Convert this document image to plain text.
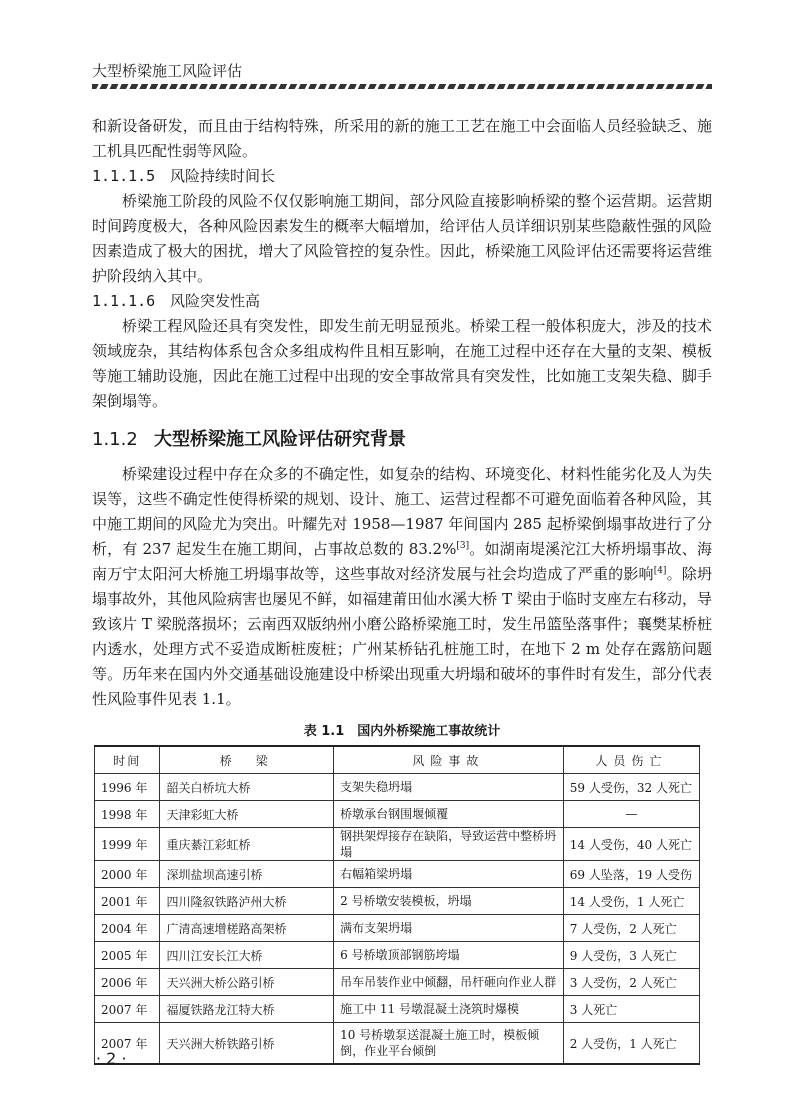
大型桥梁施工风险评估

和新设备研发，而且由于结构特殊，所采用的新的施工工艺在施工中会面临人员经验缺乏、施工机具匹配性弱等风险。

1.1.1.5 风险持续时间长

桥梁施工阶段的风险不仅仅影响施工期间，部分风险直接影响桥梁的整个运营期。运营期时间跨度极大，各种风险因素发生的概率大幅增加，给评估人员详细识别某些隐蔽性强的风险因素造成了极大的困扰，增大了风险管控的复杂性。因此，桥梁施工风险评估还需要将运营维护阶段纳入其中。

1.1.1.6 风险突发性高

桥梁工程风险还具有突发性，即发生前无明显预兆。桥梁工程一般体积庞大，涉及的技术领域庞杂，其结构体系包含众多组成构件且相互影响，在施工过程中还存在大量的支架、模板等施工辅助设施，因此在施工过程中出现的安全事故常具有突发性，比如施工支架失稳、脚手架倒塌等。

1.1.2 大型桥梁施工风险评估研究背景

桥梁建设过程中存在众多的不确定性，如复杂的结构、环境变化、材料性能劣化及人为失误等，这些不确定性使得桥梁的规划、设计、施工、运营过程都不可避免面临着各种风险，其中施工期间的风险尤为突出。叶耀先对 1958—1987 年间国内 285 起桥梁倒塌事故进行了分析，有 237 起发生在施工期间，占事故总数的 83.2%[3]。如湖南堤溪沱江大桥坍塌事故、海南万宁太阳河大桥施工坍塌事故等，这些事故对经济发展与社会均造成了严重的影响[4]。除坍塌事故外，其他风险病害也屡见不鲜，如福建莆田仙水溪大桥 T 梁由于临时支座左右移动，导致该片 T 梁脱落损坏；云南西双版纳州小磨公路桥梁施工时，发生吊篮坠落事件；襄樊某桥桩内透水，处理方式不妥造成断桩废桩；广州某桥钻孔桩施工时，在地下 2 m 处存在露筋问题等。历年来在国内外交通基础设施建设中桥梁出现重大坍塌和破坏的事件时有发生，部分代表性风险事件见表 1.1。

表 1.1　国内外桥梁施工事故统计
时间	桥　梁	风险事故	人员伤亡
1996 年	韶关白桥坑大桥	支架失稳坍塌	59 人受伤，32 人死亡
1998 年	天津彩虹大桥	桥墩承台钢围堰倾覆	—
1999 年	重庆綦江彩虹桥	钢拱架焊接存在缺陷，导致运营中整桥坍塌	14 人受伤，40 人死亡
2000 年	深圳盐坝高速引桥	右幅箱梁坍塌	69 人坠落，19 人受伤
2001 年	四川隆叙铁路泸州大桥	2 号桥墩安装模板，坍塌	14 人受伤，1 人死亡
2004 年	广清高速增槎路高架桥	满布支架坍塌	7 人受伤，2 人死亡
2005 年	四川江安长江大桥	6 号桥墩顶部钢筋垮塌	9 人受伤，3 人死亡
2006 年	天兴洲大桥公路引桥	吊车吊装作业中倾翻，吊杆砸向作业人群	3 人受伤，2 人死亡
2007 年	福厦铁路龙江特大桥	施工中 11 号墩混凝土浇筑时爆模	3 人死亡
2007 年	天兴洲大桥铁路引桥	10 号桥墩泵送混凝土施工时，模板倾倒，作业平台倾倒	2 人受伤，1 人死亡
· 2 ·
